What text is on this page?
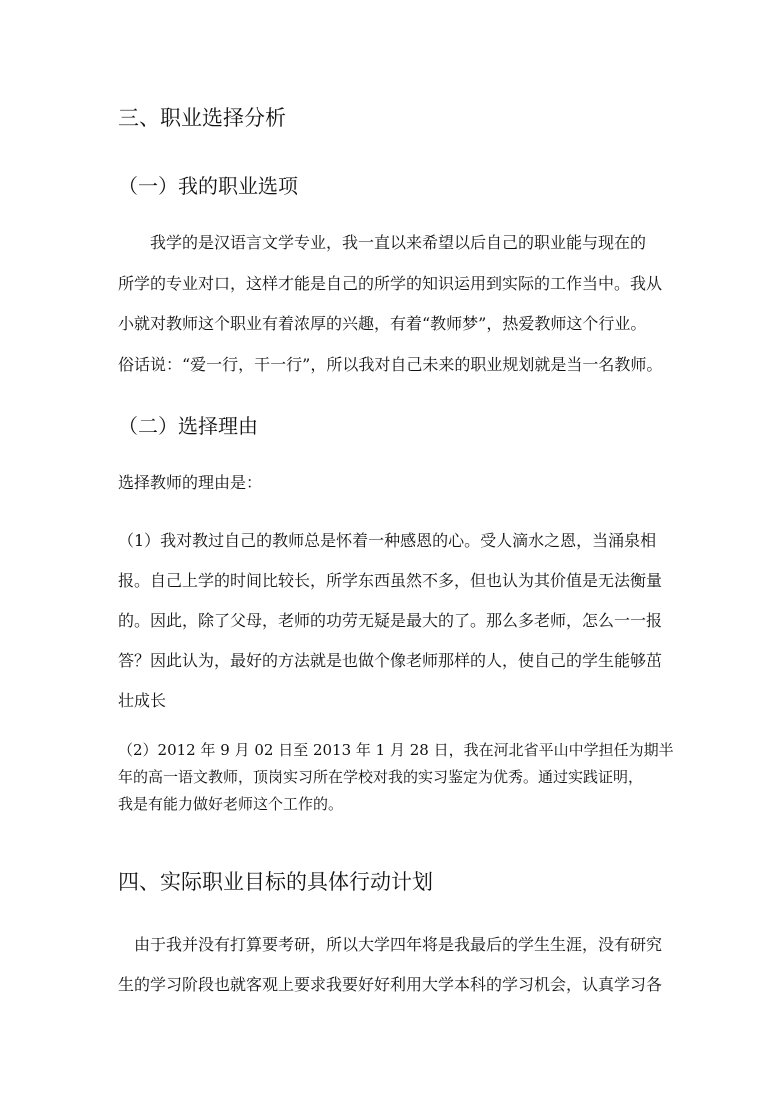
三、职业选择分析
（一）我的职业选项

　　我学的是汉语言文学专业，我一直以来希望以后自己的职业能与现在的

所学的专业对口，这样才能是自己的所学的知识运用到实际的工作当中。我从

小就对教师这个职业有着浓厚的兴趣，有着“教师梦”，热爱教师这个行业。

俗话说：“爱一行，干一行”，所以我对自己未来的职业规划就是当一名教师。

（二）选择理由

选择教师的理由是：

（1）我对教过自己的教师总是怀着一种感恩的心。受人滴水之恩，当涌泉相

报。自己上学的时间比较长，所学东西虽然不多，但也认为其价值是无法衡量

的。因此，除了父母，老师的功劳无疑是最大的了。那么多老师，怎么一一报

答？因此认为，最好的方法就是也做个像老师那样的人，使自己的学生能够茁

壮成长

（2）2012 年 9 月 02 日至 2013 年 1 月 28 日，我在河北省平山中学担任为期半

年的高一语文教师，顶岗实习所在学校对我的实习鉴定为优秀。通过实践证明，

我是有能力做好老师这个工作的。

四、实际职业目标的具体行动计划

　由于我并没有打算要考研，所以大学四年将是我最后的学生生涯，没有研究

生的学习阶段也就客观上要求我要好好利用大学本科的学习机会，认真学习各
